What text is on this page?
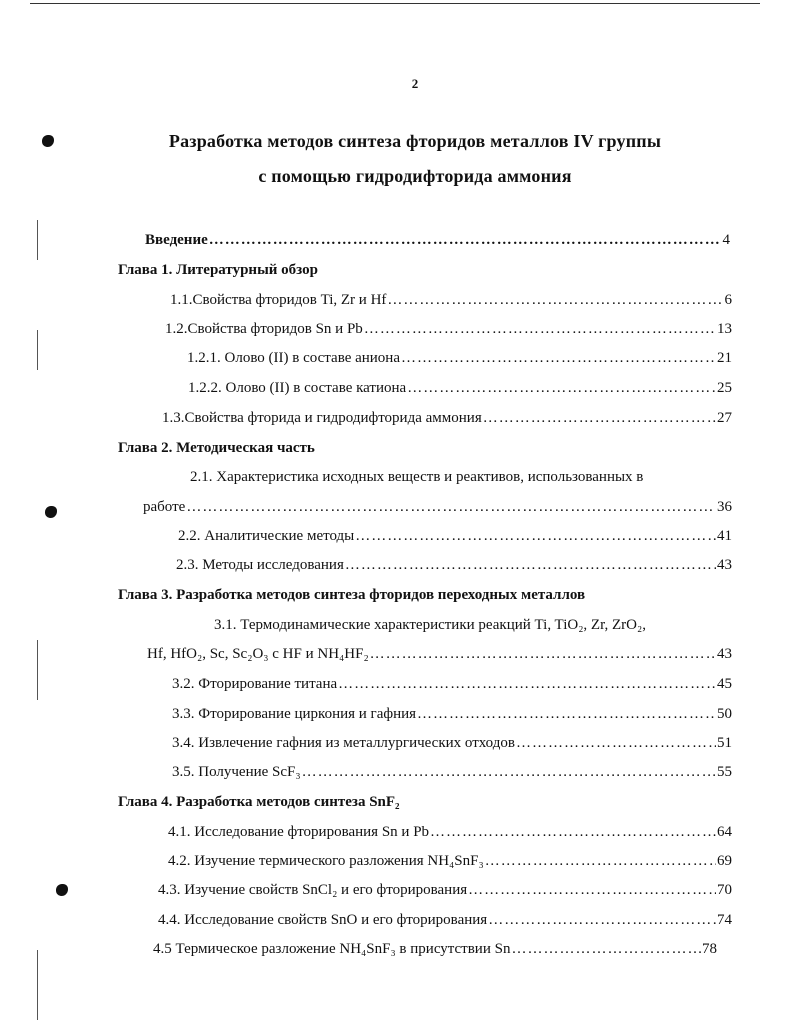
2
Разработка методов синтеза фторидов металлов IV группы
с помощью гидродифторида аммония
Введение …………………………………………………………………………………………………………………………………………………………………………	4
Глава 1. Литературный обзор
1.1.Свойства фторидов Ti, Zr и Hf …………………………………………………………………………………………………………………………………………………………………………	6
1.2.Свойства фторидов Sn и Pb …………………………………………………………………………………………………………………………………………………………………………	13
1.2.1. Олово (II) в составе аниона …………………………………………………………………………………………………………………………………………………………………………	21
1.2.2. Олово (II) в составе катиона …………………………………………………………………………………………………………………………………………………………………………	25
1.3.Свойства фторида и гидродифторида аммония …………………………………………………………………………………………………………………………………………………………………………	27
Глава 2. Методическая часть
2.1. Характеристика исходных веществ и реактивов, использованных в
работе …………………………………………………………………………………………………………………………………………………………………………	36
2.2. Аналитические методы …………………………………………………………………………………………………………………………………………………………………………	41
2.3. Методы исследования …………………………………………………………………………………………………………………………………………………………………………	43
Глава 3. Разработка методов синтеза фторидов переходных металлов
3.1. Термодинамические характеристики реакций Ti, TiO₂, Zr, ZrO₂,
Hf, HfO₂, Sc, Sc₂O₃ с HF и NH₄HF₂ …………………………………………………………………………………………………………………………………………………………………………	43
3.2. Фторирование титана …………………………………………………………………………………………………………………………………………………………………………	45
3.3. Фторирование циркония и гафния …………………………………………………………………………………………………………………………………………………………………………	50
3.4. Извлечение гафния из металлургических отходов …………………………………………………………………………………………………………………………………………………………………………	51
3.5. Получение ScF₃ …………………………………………………………………………………………………………………………………………………………………………	55
Глава 4. Разработка методов синтеза SnF₂
4.1. Исследование фторирования Sn и Pb …………………………………………………………………………………………………………………………………………………………………………	64
4.2. Изучение термического разложения NH₄SnF₃ …………………………………………………………………………………………………………………………………………………………………………	69
4.3. Изучение свойств SnCl₂ и его фторирования …………………………………………………………………………………………………………………………………………………………………………	70
4.4. Исследование свойств SnO и его фторирования …………………………………………………………………………………………………………………………………………………………………………	74
4.5 Термическое разложение NH₄SnF₃ в присутствии Sn …………………………………………………………………………………………………………………………………………………………………………	78
